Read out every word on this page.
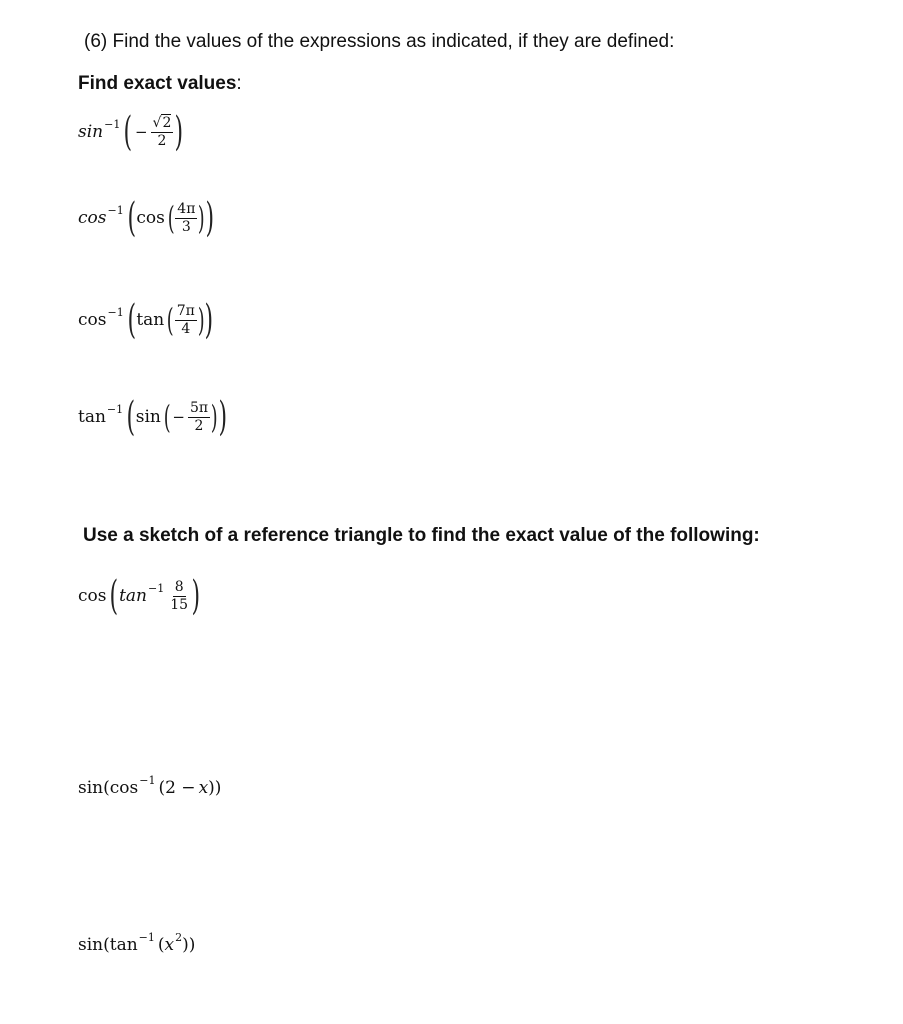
(6) Find the values of the expressions as indicated, if they are defined:
Find exact values:
sin −1 ( − $\frac{√2}{2}$ )
cos −1 ( cos ( $\frac{4\pi}{3}$ ) )
cos −1 ( tan ( $\frac{7\pi}{4}$ ) )
tan −1 ( sin ( − $\frac{5\pi}{2}$ ) )
Use a sketch of a reference triangle to find the exact value of the following:
cos ( $\tan -1 \frac{8}{15}$ )
sin(cos −1 (2 − x ))
sin(tan −1 ( x 2 ))
